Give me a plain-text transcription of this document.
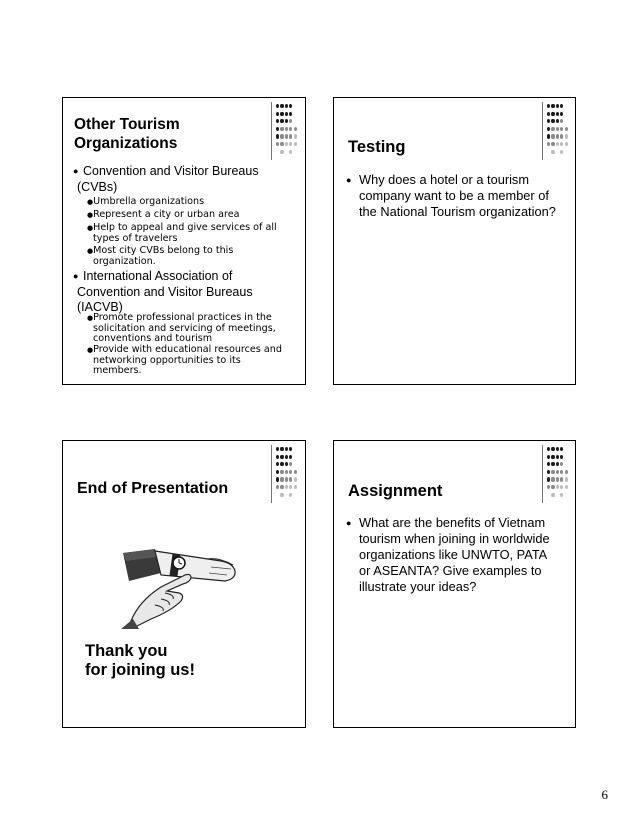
Other Tourism
Organizations
● Convention and Visitor Bureaus
(CVBs)
●Umbrella organizations
●Represent a city or urban area
●Help to appeal and give services of all
types of travelers
●Most city CVBs belong to this
organization.
● International Association of
Convention and Visitor Bureaus
(IACVB)
●Promote professional practices in the
solicitation and servicing of meetings,
conventions and tourism
●Provide with educational resources and
networking opportunities to its
members.
Testing
● Why does a hotel or a tourism
company want to be a member of
the National Tourism organization?
End of Presentation
Thank you
for joining us!
Assignment
● What are the benefits of Vietnam
tourism when joining in worldwide
organizations like UNWTO, PATA
or ASEANTA? Give examples to
illustrate your ideas?
6
